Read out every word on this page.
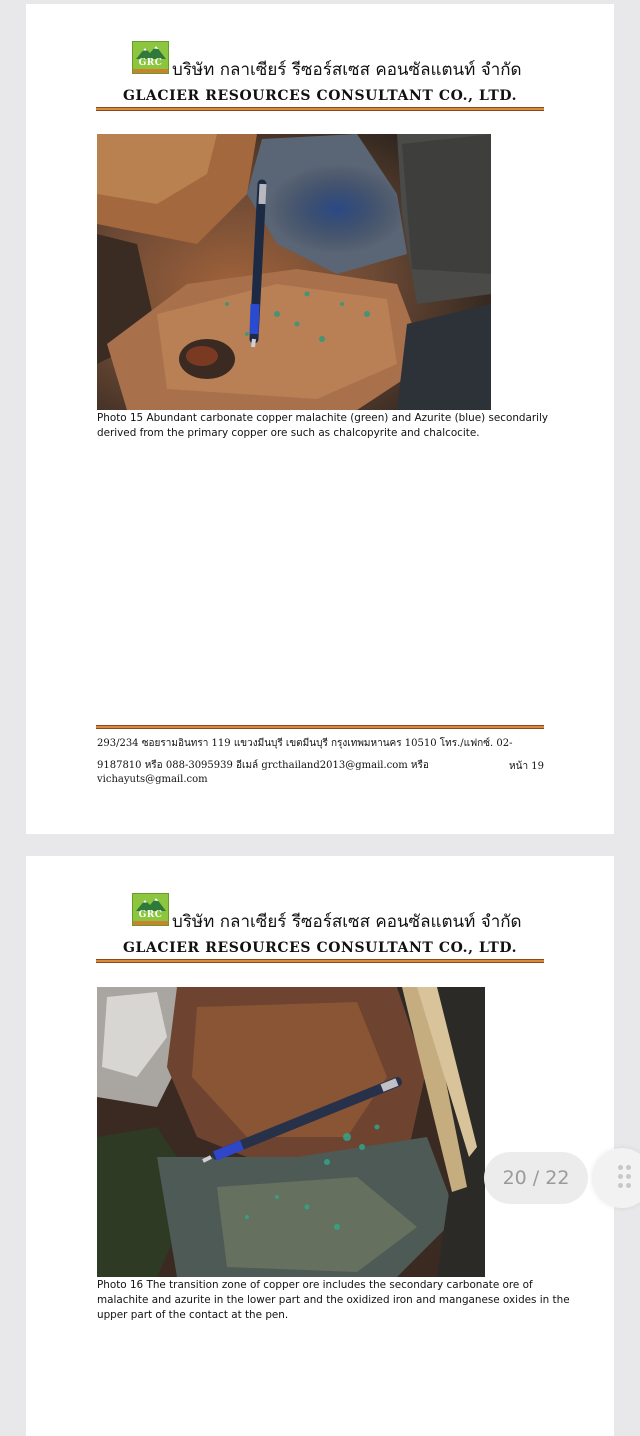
GRC บริษัท กลาเซียร์ รีซอร์สเซส คอนซัลแตนท์ จำกัด
GLACIER RESOURCES CONSULTANT CO., LTD.
Photo 15 Abundant carbonate copper malachite (green) and Azurite (blue) secondarily
derived from the primary copper ore such as chalcopyrite and chalcocite.
293/234 ซอยรามอินทรา 119 แขวงมีนบุรี เขตมีนบุรี กรุงเทพมหานคร 10510 โทร./แฟกซ์. 02-
9187810 หรือ 088-3095939 อีเมล์ grcthailand2013@gmail.com หรือ vichayuts@gmail.com
หน้า 19
GRC บริษัท กลาเซียร์ รีซอร์สเซส คอนซัลแตนท์ จำกัด
GLACIER RESOURCES CONSULTANT CO., LTD.
Photo 16 The transition zone of copper ore includes the secondary carbonate ore of
malachite and azurite in the lower part and the oxidized iron and manganese oxides in the
upper part of the contact at the pen.
20 / 22
